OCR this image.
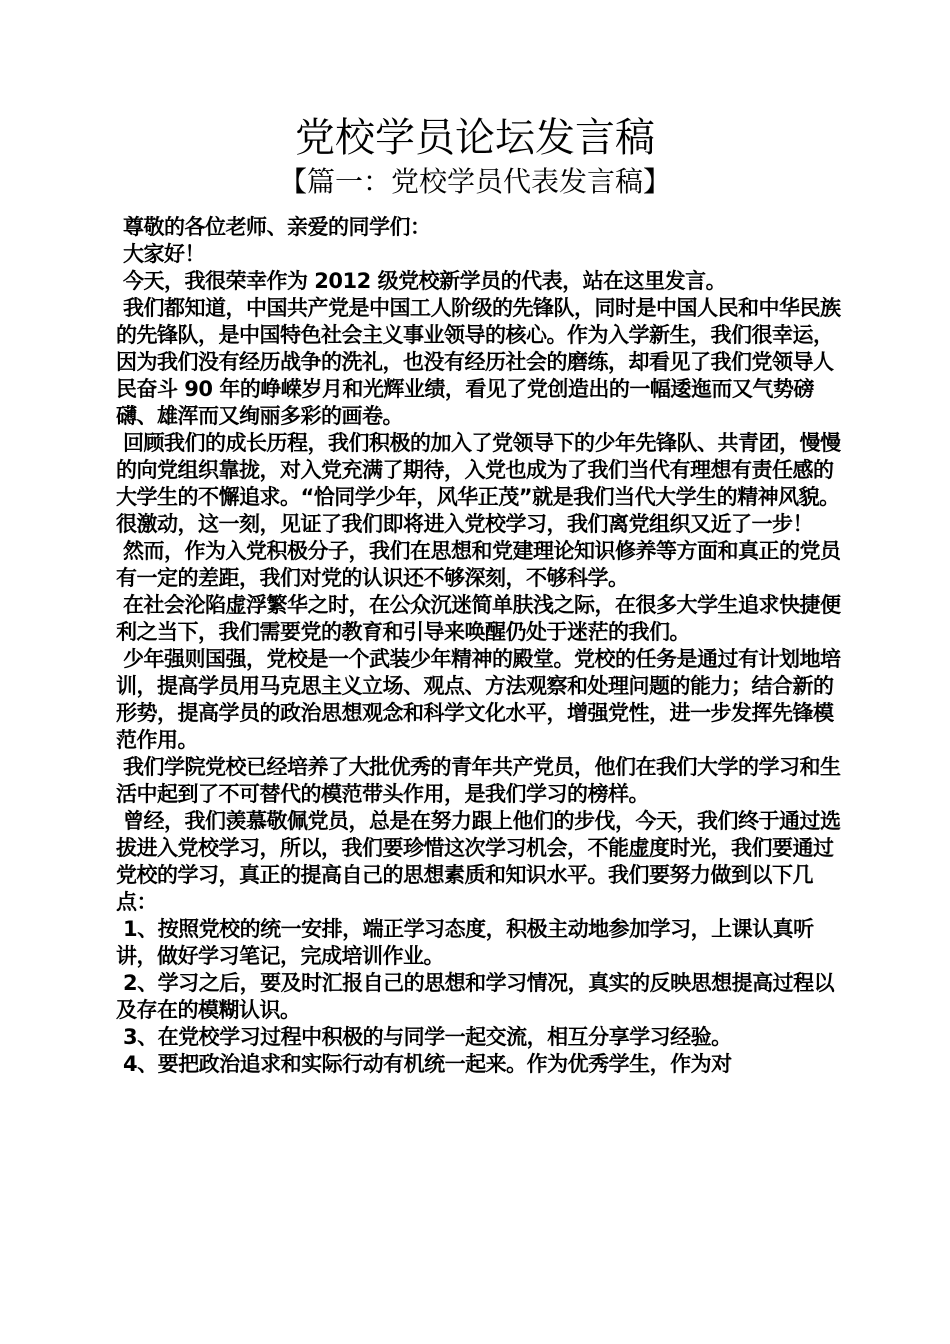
党校学员论坛发言稿
【篇一：党校学员代表发言稿】

尊敬的各位老师、亲爱的同学们：

大家好！

今天，我很荣幸作为 2012 级党校新学员的代表，站在这里发言。

我们都知道，中国共产党是中国工人阶级的先锋队，同时是中国人民和中华民族的先锋队，是中国特色社会主义事业领导的核心。作为入学新生，我们很幸运，因为我们没有经历战争的洗礼，也没有经历社会的磨练，却看见了我们党领导人民奋斗 90 年的峥嵘岁月和光辉业绩，看见了党创造出的一幅逶迤而又气势磅礴、雄浑而又绚丽多彩的画卷。

回顾我们的成长历程，我们积极的加入了党领导下的少年先锋队、共青团，慢慢的向党组织靠拢，对入党充满了期待，入党也成为了我们当代有理想有责任感的大学生的不懈追求。“恰同学少年，风华正茂”就是我们当代大学生的精神风貌。很激动，这一刻，见证了我们即将进入党校学习，我们离党组织又近了一步！

然而，作为入党积极分子，我们在思想和党建理论知识修养等方面和真正的党员有一定的差距，我们对党的认识还不够深刻，不够科学。

在社会沦陷虚浮繁华之时，在公众沉迷简单肤浅之际，在很多大学生追求快捷便利之当下，我们需要党的教育和引导来唤醒仍处于迷茫的我们。

少年强则国强，党校是一个武装少年精神的殿堂。党校的任务是通过有计划地培训，提高学员用马克思主义立场、观点、方法观察和处理问题的能力；结合新的形势，提高学员的政治思想观念和科学文化水平，增强党性，进一步发挥先锋模范作用。

我们学院党校已经培养了大批优秀的青年共产党员，他们在我们大学的学习和生活中起到了不可替代的模范带头作用，是我们学习的榜样。

曾经，我们羡慕敬佩党员，总是在努力跟上他们的步伐，今天，我们终于通过选拔进入党校学习，所以，我们要珍惜这次学习机会，不能虚度时光，我们要通过党校的学习，真正的提高自己的思想素质和知识水平。我们要努力做到以下几点：

1、按照党校的统一安排，端正学习态度，积极主动地参加学习，上课认真听讲，做好学习笔记，完成培训作业。

2、学习之后，要及时汇报自己的思想和学习情况，真实的反映思想提高过程以及存在的模糊认识。

3、在党校学习过程中积极的与同学一起交流，相互分享学习经验。

4、要把政治追求和实际行动有机统一起来。作为优秀学生，作为对
